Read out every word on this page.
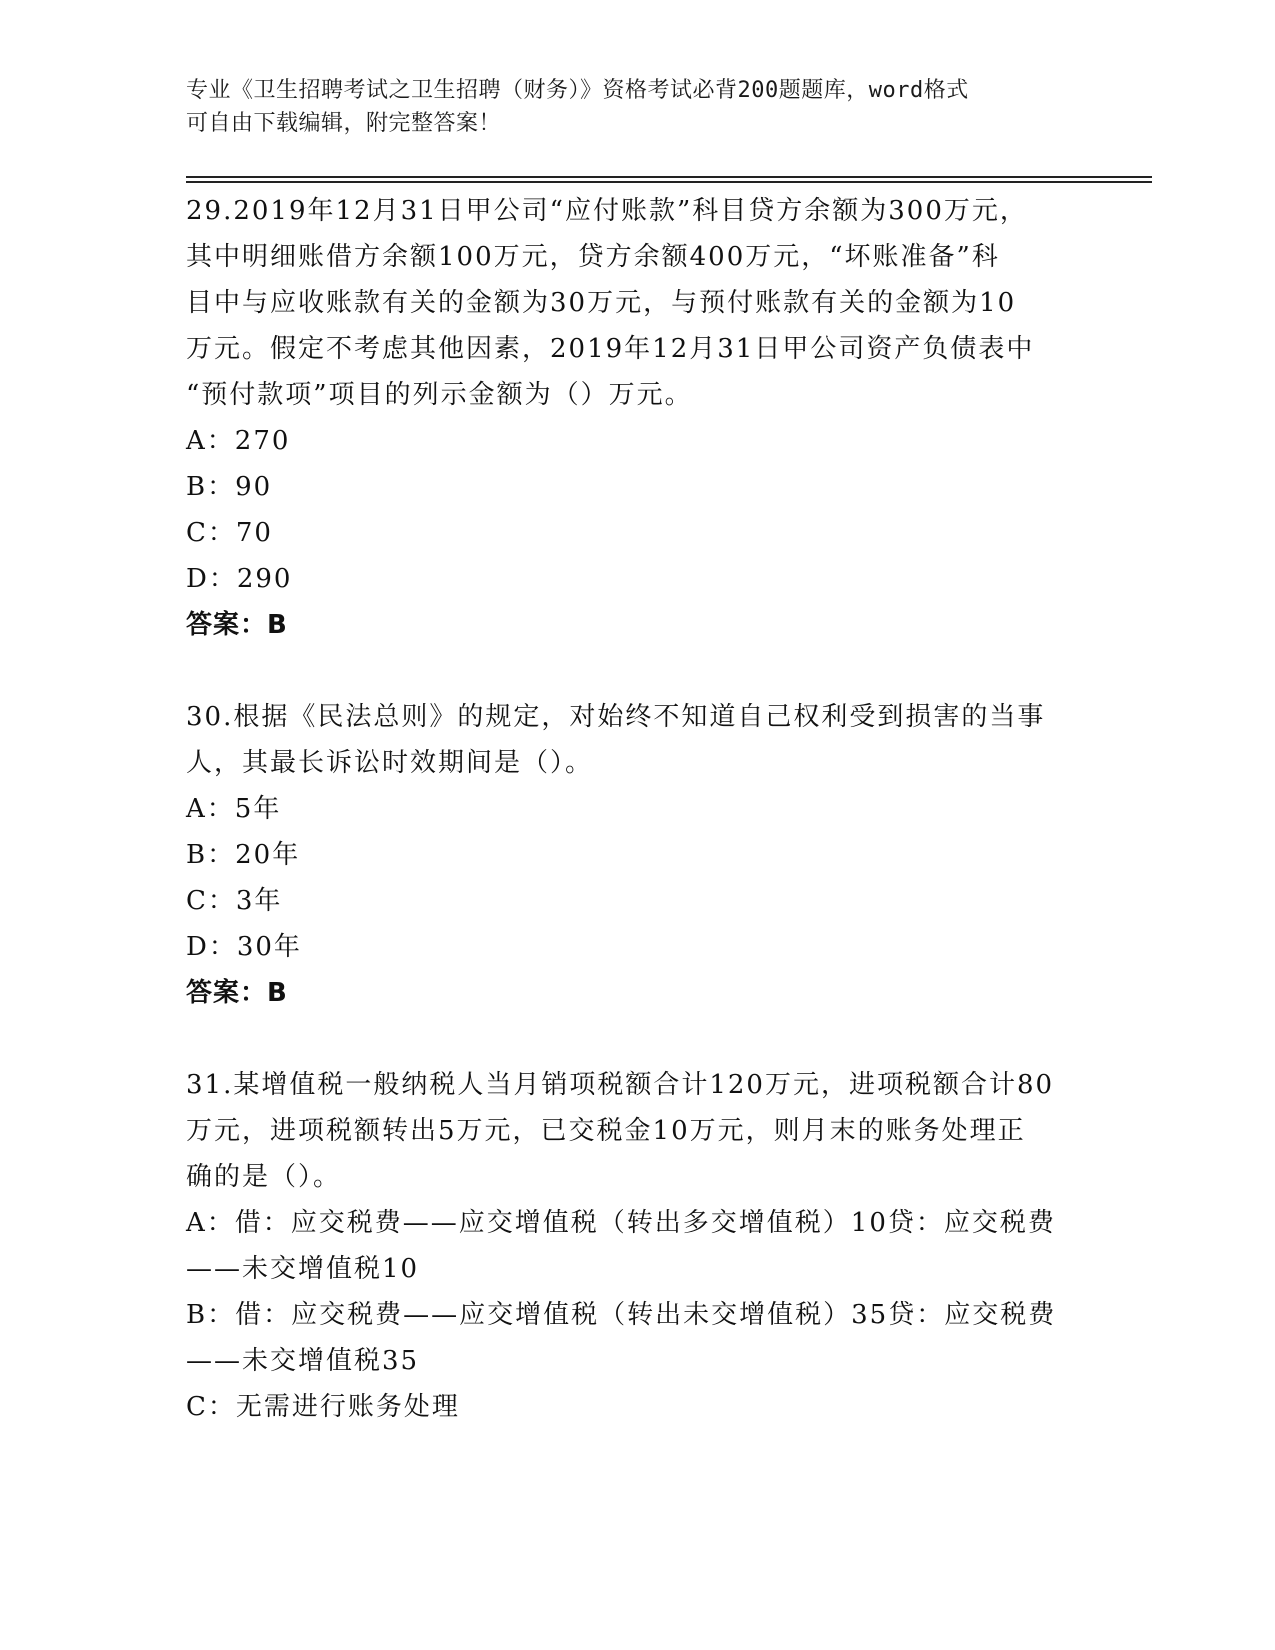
专业《卫生招聘考试之卫生招聘（财务）》资格考试必背200题题库，word格式
可自由下载编辑，附完整答案！
29.2019年12月31日甲公司“应付账款”科目贷方余额为300万元，
其中明细账借方余额100万元，贷方余额400万元，“坏账准备”科
目中与应收账款有关的金额为30万元，与预付账款有关的金额为10
万元。假定不考虑其他因素，2019年12月31日甲公司资产负债表中
“预付款项”项目的列示金额为（）万元。
A：270
B：90
C：70
D：290
答案：B
30.根据《民法总则》的规定，对始终不知道自己权利受到损害的当事
人，其最长诉讼时效期间是（）。
A：5年
B：20年
C：3年
D：30年
答案：B
31.某增值税一般纳税人当月销项税额合计120万元，进项税额合计80
万元，进项税额转出5万元，已交税金10万元，则月末的账务处理正
确的是（）。
A：借：应交税费——应交增值税（转出多交增值税）10贷：应交税费
——未交增值税10
B：借：应交税费——应交增值税（转出未交增值税）35贷：应交税费
——未交增值税35
C：无需进行账务处理
